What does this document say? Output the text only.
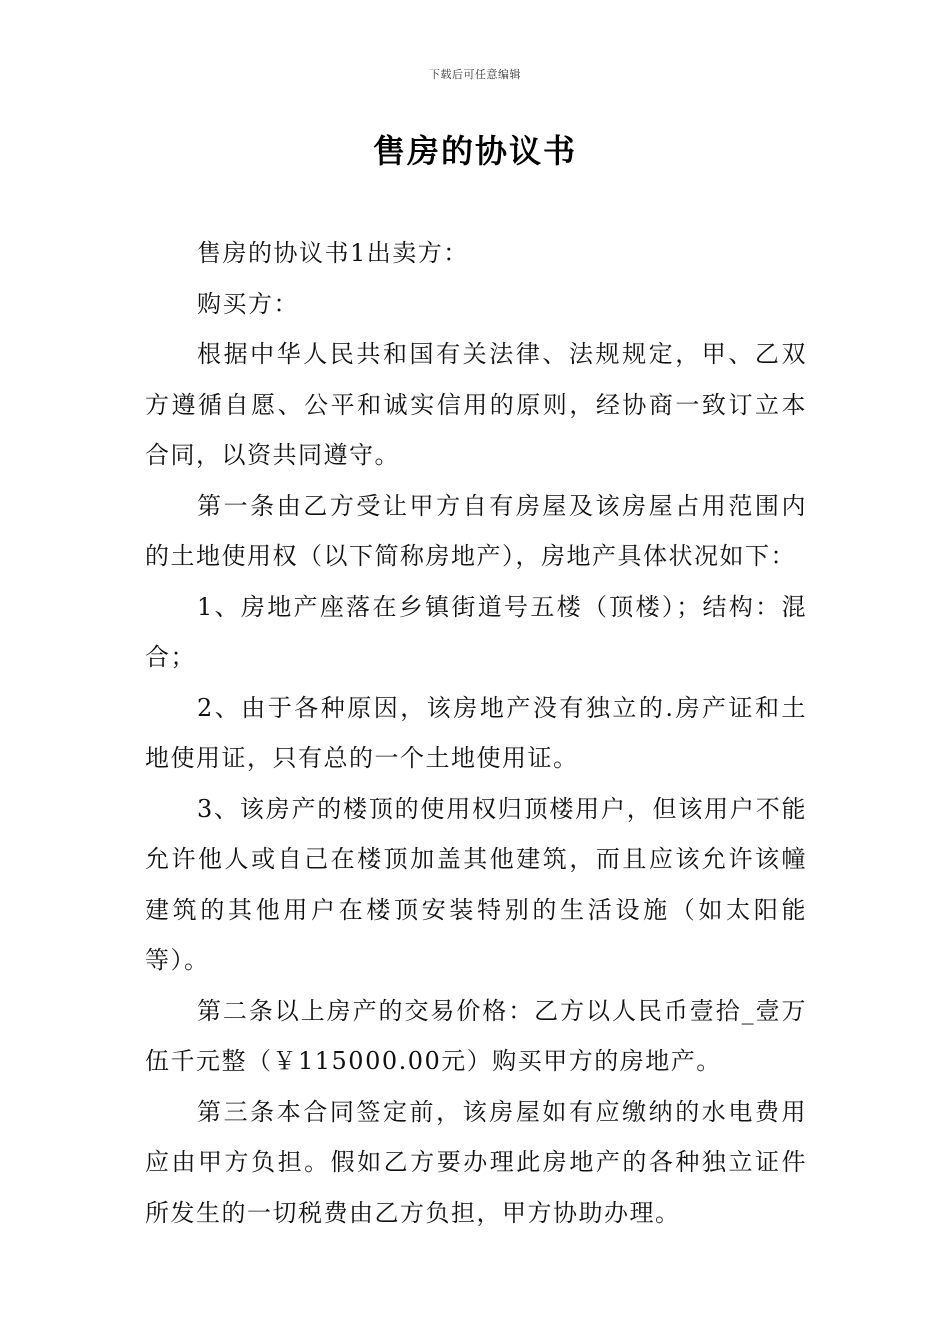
下载后可任意编辑
售房的协议书

售房的协议书1出卖方：

购买方：

根据中华人民共和国有关法律、法规规定，甲、乙双方遵循自愿、公平和诚实信用的原则，经协商一致订立本合同，以资共同遵守。

第一条由乙方受让甲方自有房屋及该房屋占用范围内的土地使用权（以下简称房地产），房地产具体状况如下：

1、房地产座落在乡镇街道号五楼（顶楼）；结构：混合；

2、由于各种原因，该房地产没有独立的.房产证和土地使用证，只有总的一个土地使用证。

3、该房产的楼顶的使用权归顶楼用户，但该用户不能允许他人或自己在楼顶加盖其他建筑，而且应该允许该幢建筑的其他用户在楼顶安装特别的生活设施（如太阳能等）。

第二条以上房产的交易价格：乙方以人民币壹拾_壹万伍千元整（￥115000.00元）购买甲方的房地产。

第三条本合同签定前，该房屋如有应缴纳的水电费用应由甲方负担。假如乙方要办理此房地产的各种独立证件所发生的一切税费由乙方负担，甲方协助办理。
